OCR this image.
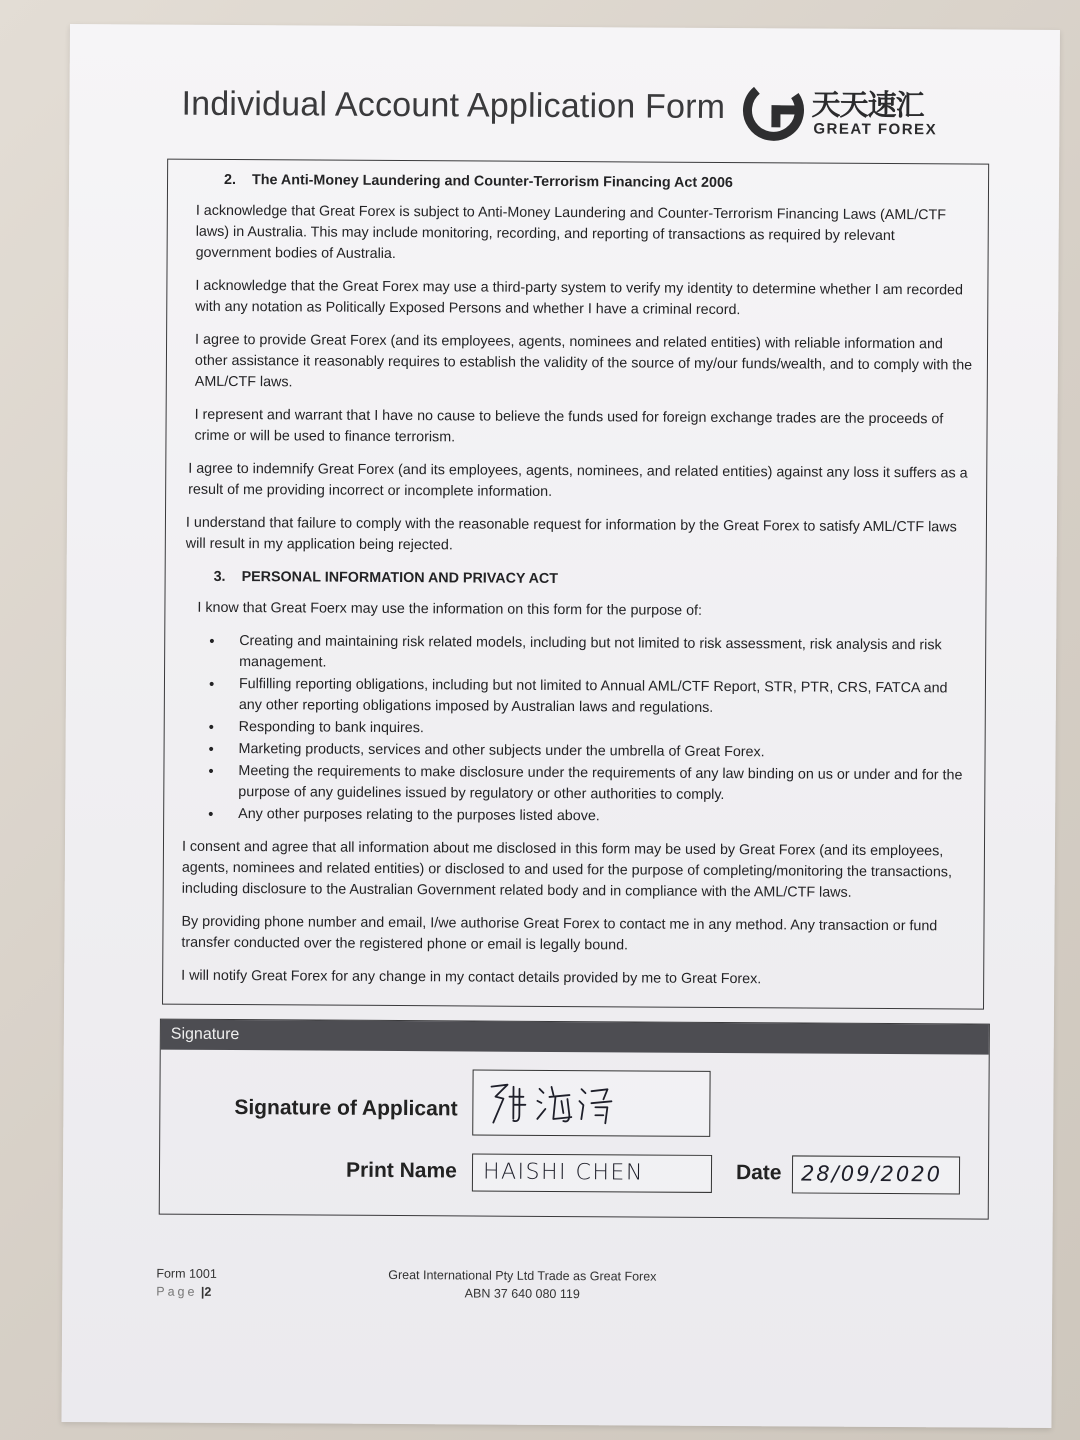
Individual Account Application Form	天天速汇
GREAT FOREX
2. The Anti-Money Laundering and Counter-Terrorism Financing Act 2006
I acknowledge that Great Forex is subject to Anti-Money Laundering and Counter-Terrorism Financing Laws (AML/CTF laws) in Australia. This may include monitoring, recording, and reporting of transactions as required by relevant government bodies of Australia.
I acknowledge that the Great Forex may use a third-party system to verify my identity to determine whether I am recorded with any notation as Politically Exposed Persons and whether I have a criminal record.
I agree to provide Great Forex (and its employees, agents, nominees and related entities) with reliable information and other assistance it reasonably requires to establish the validity of the source of my/our funds/wealth, and to comply with the AML/CTF laws.
I represent and warrant that I have no cause to believe the funds used for foreign exchange trades are the proceeds of crime or will be used to finance terrorism.
I agree to indemnify Great Forex (and its employees, agents, nominees, and related entities) against any loss it suffers as a result of me providing incorrect or incomplete information.
I understand that failure to comply with the reasonable request for information by the Great Forex to satisfy AML/CTF laws will result in my application being rejected.
3. PERSONAL INFORMATION AND PRIVACY ACT
I know that Great Foerx may use the information on this form for the purpose of:
• Creating and maintaining risk related models, including but not limited to risk assessment, risk analysis and risk management.
• Fulfilling reporting obligations, including but not limited to Annual AML/CTF Report, STR, PTR, CRS, FATCA and any other reporting obligations imposed by Australian laws and regulations.
• Responding to bank inquires.
• Marketing products, services and other subjects under the umbrella of Great Forex.
• Meeting the requirements to make disclosure under the requirements of any law binding on us or under and for the purpose of any guidelines issued by regulatory or other authorities to comply.
• Any other purposes relating to the purposes listed above.
I consent and agree that all information about me disclosed in this form may be used by Great Forex (and its employees, agents, nominees and related entities) or disclosed to and used for the purpose of completing/monitoring the transactions, including disclosure to the Australian Government related body and in compliance with the AML/CTF laws.
By providing phone number and email, I/we authorise Great Forex to contact me in any method. Any transaction or fund transfer conducted over the registered phone or email is legally bound.
I will notify Great Forex for any change in my contact details provided by me to Great Forex.
Signature
Signature of Applicant
Print Name HAISHI CHEN	Date 28/09/2020
Form 1001
Page |2
Great International Pty Ltd Trade as Great Forex
ABN 37 640 080 119
